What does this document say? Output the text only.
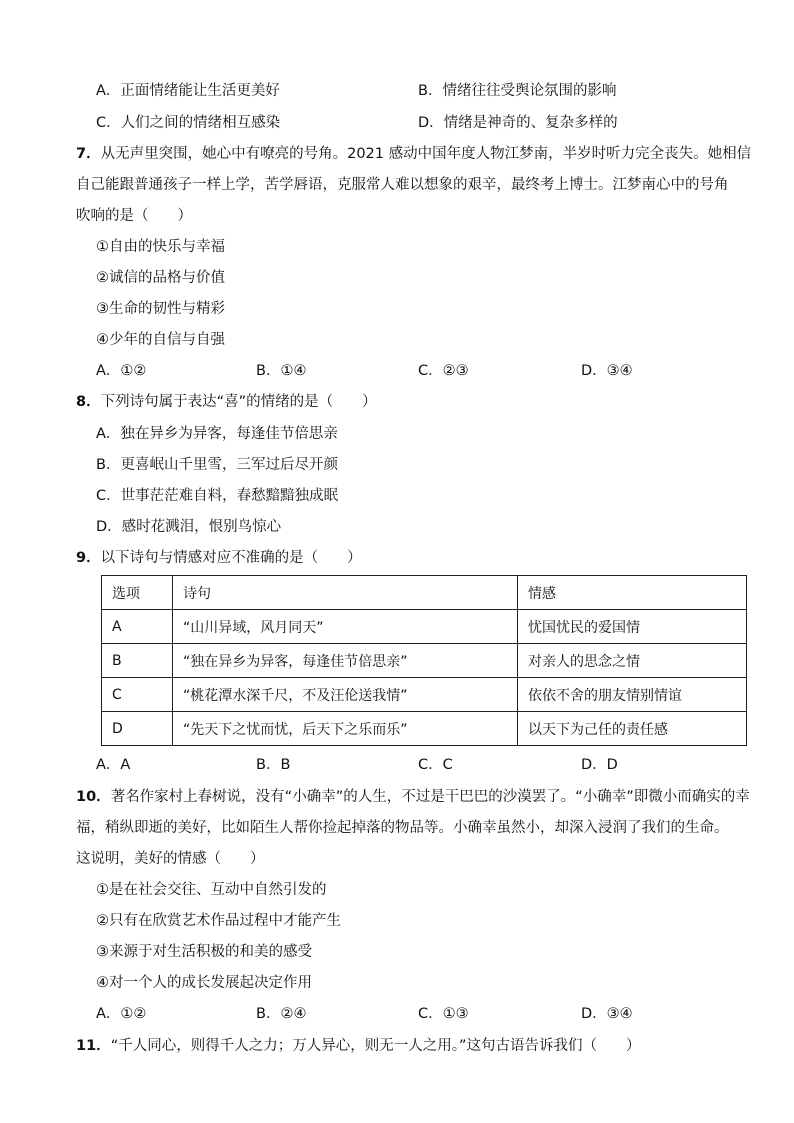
A．正面情绪能让生活更美好	B．情绪往往受舆论氛围的影响
C．人们之间的情绪相互感染	D．情绪是神奇的、复杂多样的
7．从无声里突围，她心中有嘹亮的号角。2021 感动中国年度人物江梦南，半岁时听力完全丧失。她相信
自己能跟普通孩子一样上学，苦学唇语，克服常人难以想象的艰辛，最终考上博士。江梦南心中的号角
吹响的是（　　）
①自由的快乐与幸福
②诚信的品格与价值
③生命的韧性与精彩
④少年的自信与自强
A．①②	B．①④	C．②③	D．③④
8．下列诗句属于表达“喜”的情绪的是（　　）
A．独在异乡为异客，每逢佳节倍思亲
B．更喜岷山千里雪，三军过后尽开颜
C．世事茫茫难自料，春愁黯黯独成眠
D．感时花溅泪，恨别鸟惊心
9．以下诗句与情感对应不准确的是（　　）
选项	诗句	情感
A	“山川异域，风月同天”	忧国忧民的爱国情
B	“独在异乡为异客，每逢佳节倍思亲”	对亲人的思念之情
C	“桃花潭水深千尺，不及汪伦送我情”	依依不舍的朋友情别情谊
D	“先天下之忧而忧，后天下之乐而乐”	以天下为己任的责任感
A．A	B．B	C．C	D．D
10．著名作家村上春树说，没有“小确幸”的人生，不过是干巴巴的沙漠罢了。“小确幸”即微小而确实的幸
福，稍纵即逝的美好，比如陌生人帮你捡起掉落的物品等。小确幸虽然小，却深入浸润了我们的生命。
这说明，美好的情感（　　）
①是在社会交往、互动中自然引发的
②只有在欣赏艺术作品过程中才能产生
③来源于对生活积极的和美的感受
④对一个人的成长发展起决定作用
A．①②	B．②④	C．①③	D．③④
11．“千人同心，则得千人之力；万人异心，则无一人之用。”这句古语告诉我们（　　）
